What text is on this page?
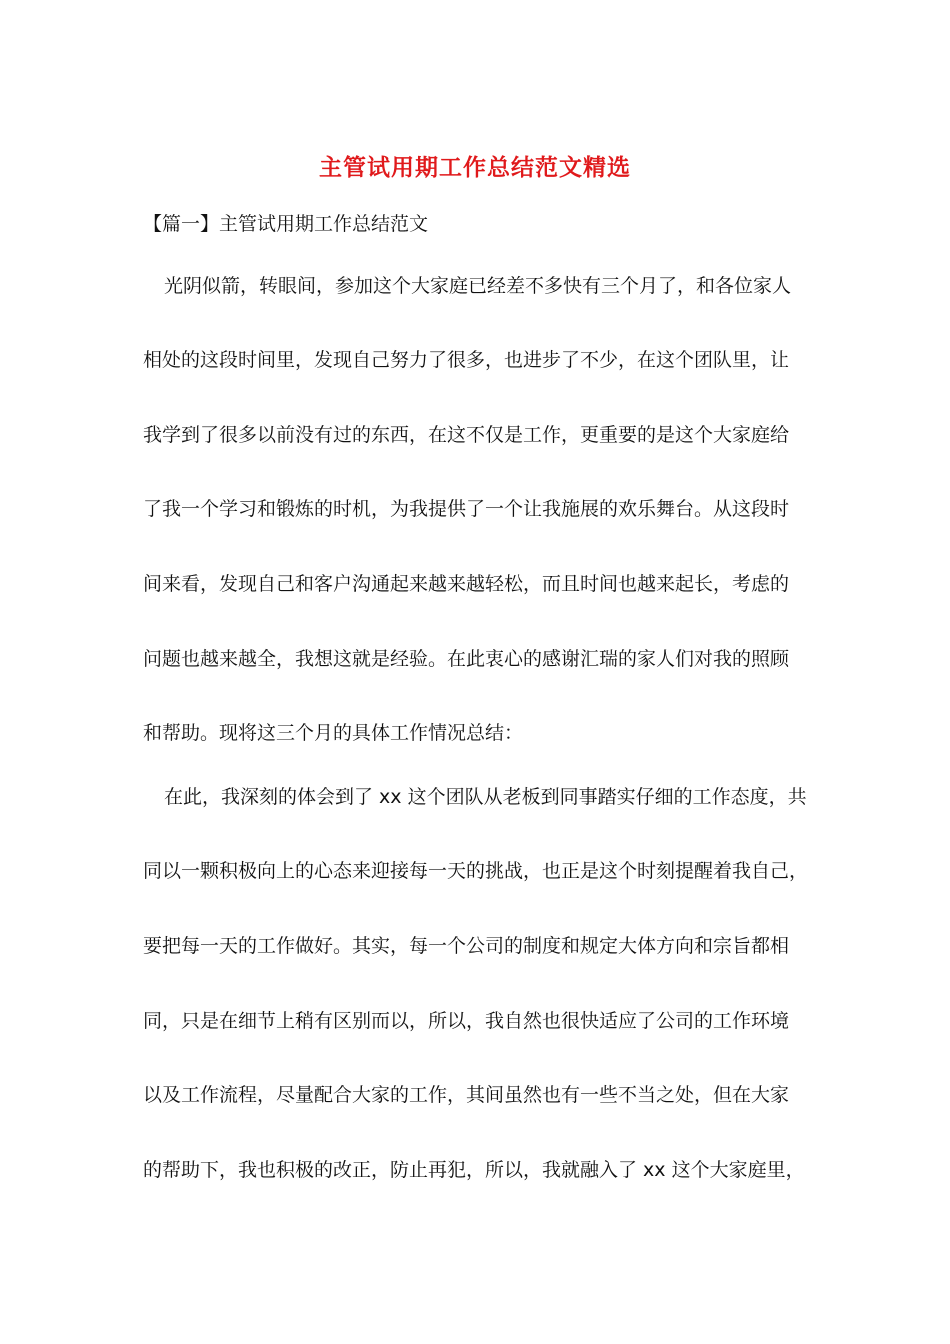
主管试用期工作总结范文精选
【篇一】主管试用期工作总结范文
光阴似箭，转眼间，参加这个大家庭已经差不多快有三个月了，和各位家人
相处的这段时间里，发现自己努力了很多，也进步了不少，在这个团队里，让
我学到了很多以前没有过的东西，在这不仅是工作，更重要的是这个大家庭给
了我一个学习和锻炼的时机，为我提供了一个让我施展的欢乐舞台。从这段时
间来看，发现自己和客户沟通起来越来越轻松，而且时间也越来起长，考虑的
问题也越来越全，我想这就是经验。在此衷心的感谢汇瑞的家人们对我的照顾
和帮助。现将这三个月的具体工作情况总结：
在此，我深刻的体会到了 xx 这个团队从老板到同事踏实仔细的工作态度，共
同以一颗积极向上的心态来迎接每一天的挑战，也正是这个时刻提醒着我自己，
要把每一天的工作做好。其实，每一个公司的制度和规定大体方向和宗旨都相
同，只是在细节上稍有区别而以，所以，我自然也很快适应了公司的工作环境
以及工作流程，尽量配合大家的工作，其间虽然也有一些不当之处，但在大家
的帮助下，我也积极的改正，防止再犯，所以，我就融入了 xx 这个大家庭里，
